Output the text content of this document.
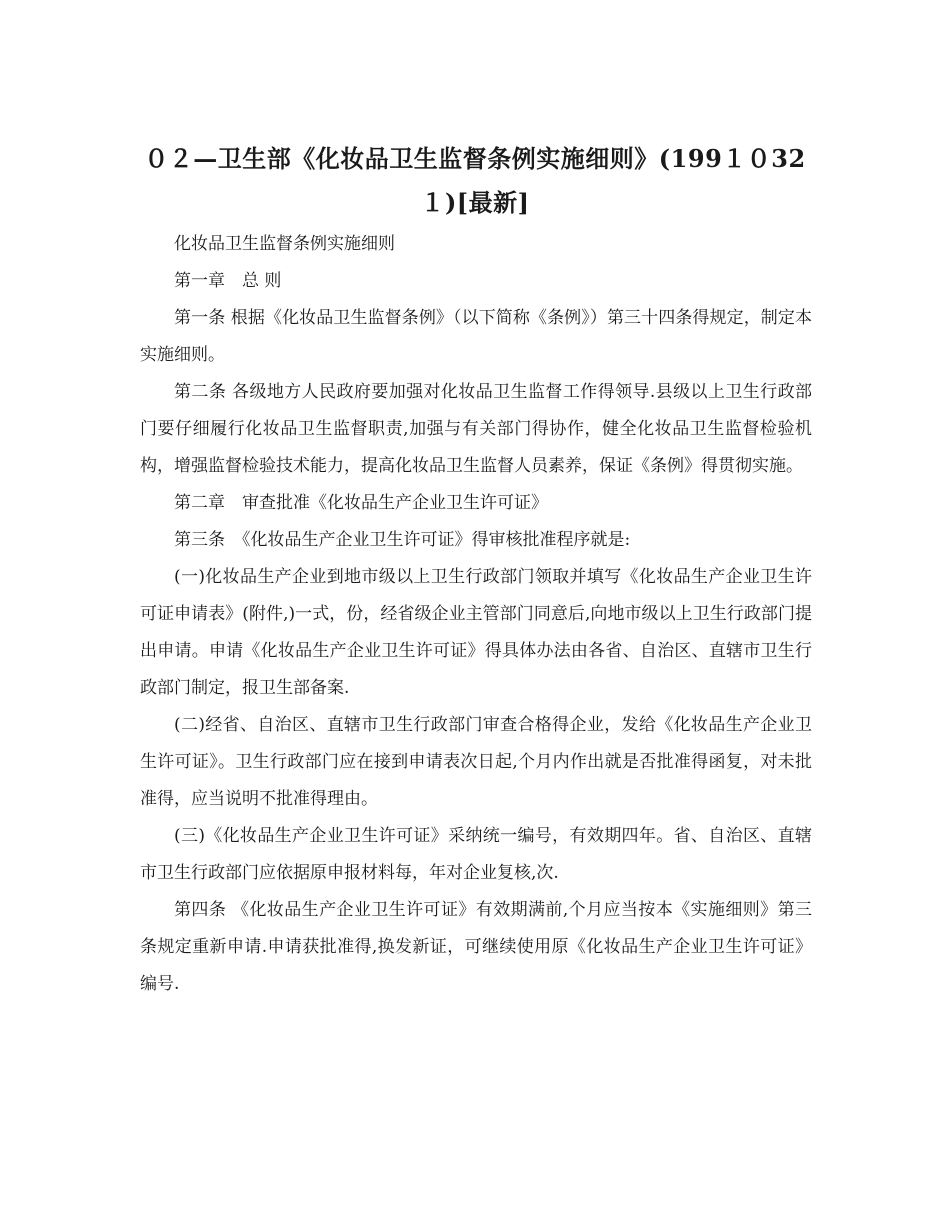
０２—卫生部《化妆品卫生监督条例实施细则》(199１０32１)[最新]

化妆品卫生监督条例实施细则

第一章　总 则

第一条 根据《化妆品卫生监督条例》（以下简称《条例》）第三十四条得规定，制定本实施细则。

第二条 各级地方人民政府要加强对化妆品卫生监督工作得领导.县级以上卫生行政部门要仔细履行化妆品卫生监督职责,加强与有关部门得协作，健全化妆品卫生监督检验机构，增强监督检验技术能力，提高化妆品卫生监督人员素养，保证《条例》得贯彻实施。

第二章　审查批准《化妆品生产企业卫生许可证》

第三条　《化妆品生产企业卫生许可证》得审核批准程序就是:

(一)化妆品生产企业到地市级以上卫生行政部门领取并填写《化妆品生产企业卫生许可证申请表》(附件,)一式，份，经省级企业主管部门同意后,向地市级以上卫生行政部门提出申请。申请《化妆品生产企业卫生许可证》得具体办法由各省、自治区、直辖市卫生行政部门制定，报卫生部备案.

(二)经省、自治区、直辖市卫生行政部门审查合格得企业，发给《化妆品生产企业卫生许可证》。卫生行政部门应在接到申请表次日起,个月内作出就是否批准得函复，对未批准得，应当说明不批准得理由。

(三)《化妆品生产企业卫生许可证》采纳统一编号，有效期四年。省、自治区、直辖市卫生行政部门应依据原申报材料每，年对企业复核,次.

第四条 《化妆品生产企业卫生许可证》有效期满前,个月应当按本《实施细则》第三条规定重新申请.申请获批准得,换发新证，可继续使用原《化妆品生产企业卫生许可证》编号.
